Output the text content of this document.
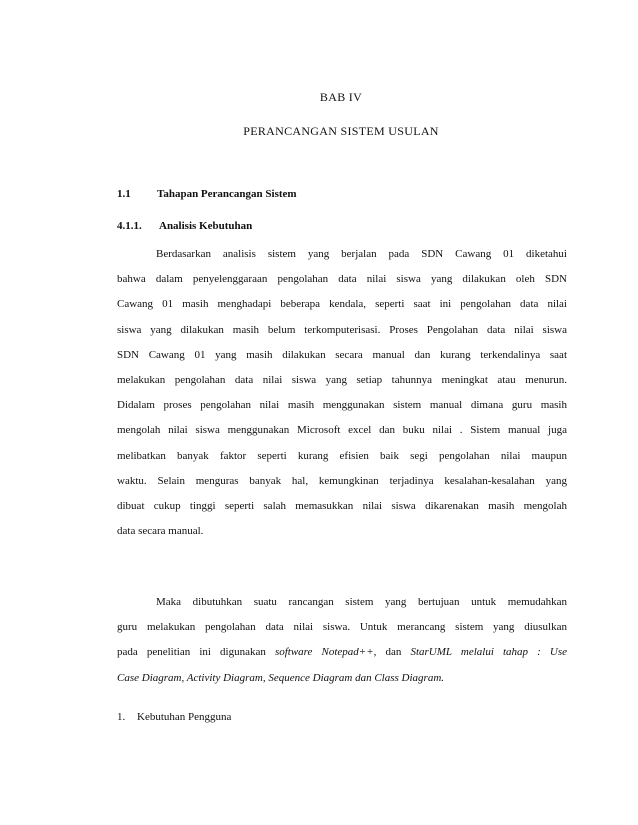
BAB IV
PERANCANGAN SISTEM USULAN
1.1 Tahapan Perancangan Sistem
4.1.1. Analisis Kebutuhan
Berdasarkan analisis sistem yang berjalan pada SDN Cawang 01 diketahui
bahwa dalam penyelenggaraan pengolahan data nilai siswa yang dilakukan oleh SDN
Cawang 01 masih menghadapi beberapa kendala, seperti saat ini pengolahan data nilai
siswa yang dilakukan masih belum terkomputerisasi. Proses Pengolahan data nilai siswa
SDN Cawang 01 yang masih dilakukan secara manual dan kurang terkendalinya saat
melakukan pengolahan data nilai siswa yang setiap tahunnya meningkat atau menurun.
Didalam proses pengolahan nilai masih menggunakan sistem manual dimana guru masih
mengolah nilai siswa menggunakan Microsoft excel dan buku nilai . Sistem manual juga
melibatkan banyak faktor seperti kurang efisien baik segi pengolahan nilai maupun
waktu. Selain menguras banyak hal, kemungkinan terjadinya kesalahan-kesalahan yang
dibuat cukup tinggi seperti salah memasukkan nilai siswa dikarenakan masih mengolah
data secara manual.
Maka dibutuhkan suatu rancangan sistem yang bertujuan untuk memudahkan
guru melakukan pengolahan data nilai siswa. Untuk merancang sistem yang diusulkan
pada penelitian ini digunakan software Notepad++, dan StarUML melalui tahap : Use
Case Diagram, Activity Diagram, Sequence Diagram dan Class Diagram.
1. Kebutuhan Pengguna
